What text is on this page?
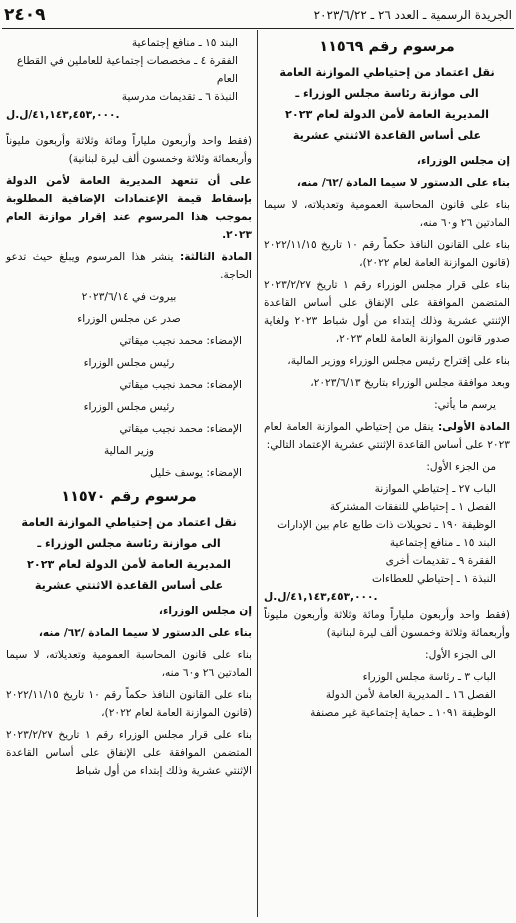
الجريدة الرسمية ـ العدد ٢٦ ـ ٢٠٢٣/٦/٢٢
٢٤٠٩
مرسوم رقم ١١٥٦٩
نقل اعتماد من إحتياطي الموازنة العامة
الى موازنة رئاسة مجلس الوزراء ـ
المديرية العامة لأمن الدولة لعام ٢٠٢٣
على أساس القاعدة الاثنتي عشرية

إن مجلس الوزراء،

بناء على الدستور لا سيما المادة /٦٢/ منه،

بناء على قانون المحاسبة العمومية وتعديلاته، لا سيما المادتين ٢٦ و٦٠ منه،

بناء على القانون النافذ حكماً رقم ١٠ تاريخ ٢٠٢٢/١١/١٥ (قانون الموازنة العامة لعام ٢٠٢٢)،

بناء على قرار مجلس الوزراء رقم ١ تاريخ ٢٠٢٣/٢/٢٧ المتضمن الموافقة على الإنفاق على أساس القاعدة الإثنتي عشرية وذلك إبتداء من أول شباط ٢٠٢٣ ولغاية صدور قانون الموازنة العامة للعام ٢٠٢٣،

بناء على إقتراح رئيس مجلس الوزراء ووزير المالية،

وبعد موافقة مجلس الوزراء بتاريخ ٢٠٢٣/٦/١٣،

يرسم ما يأتي:

المادة الأولى: ينقل من إحتياطي الموازنة العامة لعام ٢٠٢٣ على أساس القاعدة الإثنتي عشرية الإعتماد التالي:

من الجزء الأول:

الباب ٢٧ ـ إحتياطي الموازنة
الفصل ١ ـ إحتياطي للنفقات المشتركة
الوظيفة ١٩٠ ـ تحويلات ذات طابع عام بين الإدارات
البند ١٥ ـ منافع إجتماعية
الفقرة ٩ ـ تقديمات أخرى
النبذة ١ ـ إحتياطي للعطاءات
٤١,١٤٣,٤٥٣,٠٠٠/ل.ل.

(فقط واحد وأربعون ملياراً ومائة وثلاثة وأربعون مليوناً وأربعمائة وثلاثة وخمسون ألف ليرة لبنانية)

الى الجزء الأول:

الباب ٣ ـ رئاسة مجلس الوزراء
الفصل ١٦ ـ المديرية العامة لأمن الدولة
الوظيفة ١٠٩١ ـ حماية إجتماعية غير مصنفة
البند ١٥ ـ منافع إجتماعية
الفقرة ٤ ـ مخصصات إجتماعية للعاملين في القطاع العام
النبذة ٦ ـ تقديمات مدرسية
٤١,١٤٣,٤٥٣,٠٠٠/ل.ل.

(فقط واحد وأربعون ملياراً ومائة وثلاثة وأربعون مليوناً وأربعمائة وثلاثة وخمسون ألف ليرة لبنانية)

على أن تتعهد المديرية العامة لأمن الدولة بإسقاط قيمة الإعتمادات الإضافية المطلوبة بموجب هذا المرسوم عند إقرار موازنة العام ٢٠٢٣.

المادة الثالثة: ينشر هذا المرسوم ويبلغ حيث تدعو الحاجة.

بيروت في ٢٠٢٣/٦/١٤

صدر عن مجلس الوزراء

الإمضاء: محمد نجيب ميقاتي

رئيس مجلس الوزراء

الإمضاء: محمد نجيب ميقاتي

رئيس مجلس الوزراء

الإمضاء: محمد نجيب ميقاتي

وزير المالية

الإمضاء: يوسف خليل

مرسوم رقم ١١٥٧٠
نقل اعتماد من إحتياطي الموازنة العامة
الى موازنة رئاسة مجلس الوزراء ـ
المديرية العامة لأمن الدولة لعام ٢٠٢٣
على أساس القاعدة الاثنتي عشرية

إن مجلس الوزراء،

بناء على الدستور لا سيما المادة /٦٢/ منه،

بناء على قانون المحاسبة العمومية وتعديلاته، لا سيما المادتين ٢٦ و٦٠ منه،

بناء على القانون النافذ حكماً رقم ١٠ تاريخ ٢٠٢٢/١١/١٥ (قانون الموازنة العامة لعام ٢٠٢٢)،

بناء على قرار مجلس الوزراء رقم ١ تاريخ ٢٠٢٣/٢/٢٧ المتضمن الموافقة على الإنفاق على أساس القاعدة الإثنتي عشرية وذلك إبتداء من أول شباط
